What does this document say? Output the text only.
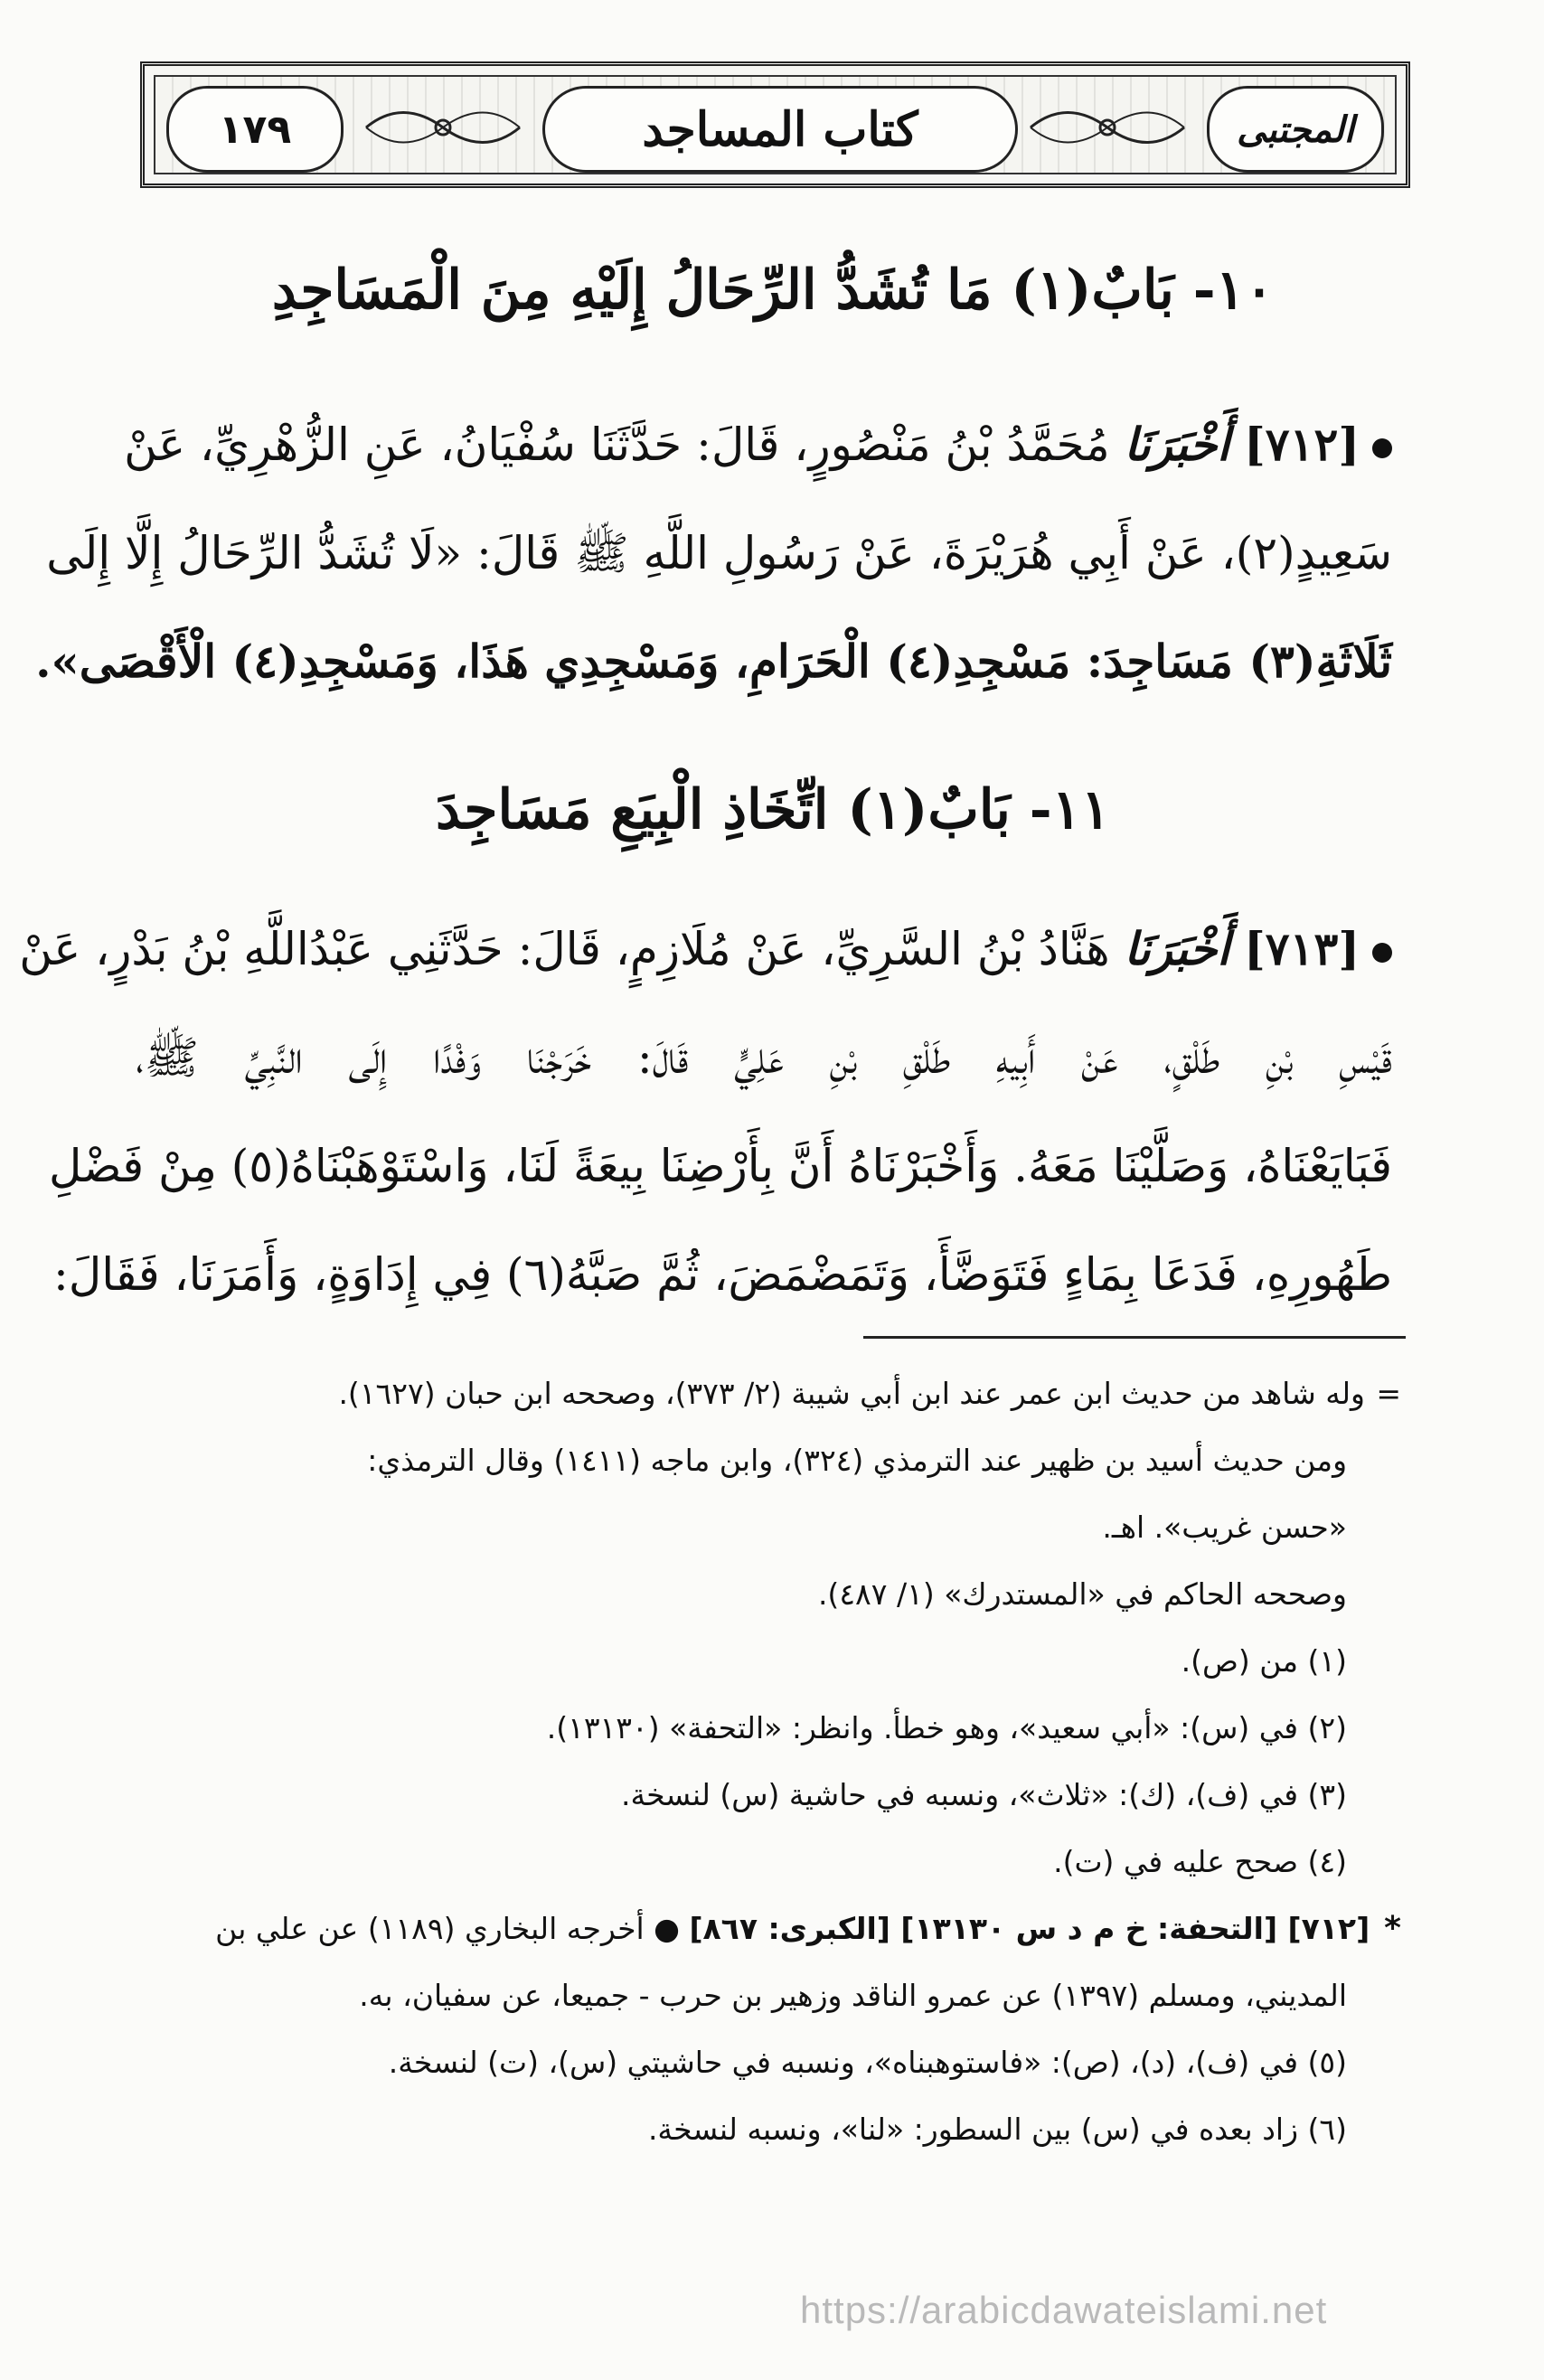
١٧٩	كتاب المساجد	المجتبى
١٠- بَابٌ(١) مَا تُشَدُّ الرِّحَالُ إِلَيْهِ مِنَ الْمَسَاجِدِ
[٧١٢] أَخْبَرَنَا مُحَمَّدُ بْنُ مَنْصُورٍ، قَالَ: حَدَّثَنَا سُفْيَانُ، عَنِ الزُّهْرِيِّ، عَنْ
سَعِيدٍ(٢)، عَنْ أَبِي هُرَيْرَةَ، عَنْ رَسُولِ اللَّهِ ﷺ قَالَ: «لَا تُشَدُّ الرِّحَالُ إِلَّا إِلَى
ثَلَاثَةِ(٣) مَسَاجِدَ: مَسْجِدِ(٤) الْحَرَامِ، وَمَسْجِدِي هَذَا، وَمَسْجِدِ(٤) الْأَقْصَى».
١١- بَابٌ(١) اتِّخَاذِ الْبِيَعِ مَسَاجِدَ
[٧١٣] أَخْبَرَنَا هَنَّادُ بْنُ السَّرِيِّ، عَنْ مُلَازِمٍ، قَالَ: حَدَّثَنِي عَبْدُاللَّهِ بْنُ بَدْرٍ، عَنْ
قَيْسِ بْنِ طَلْقٍ، عَنْ أَبِيهِ طَلْقِ بْنِ عَلِيٍّ قَالَ: خَرَجْنَا وَفْدًا إِلَى النَّبِيِّ ﷺ،
فَبَايَعْنَاهُ، وَصَلَّيْنَا مَعَهُ. وَأَخْبَرْنَاهُ أَنَّ بِأَرْضِنَا بِيعَةً لَنَا، وَاسْتَوْهَبْنَاهُ(٥) مِنْ فَضْلِ
طَهُورِهِ، فَدَعَا بِمَاءٍ فَتَوَضَّأَ، وَتَمَضْمَضَ، ثُمَّ صَبَّهُ(٦) فِي إِدَاوَةٍ، وَأَمَرَنَا، فَقَالَ:
=وله شاهد من حديث ابن عمر عند ابن أبي شيبة (٢/ ٣٧٣)، وصححه ابن حبان (١٦٢٧).
ومن حديث أسيد بن ظهير عند الترمذي (٣٢٤)، وابن ماجه (١٤١١) وقال الترمذي:
«حسن غريب». اهـ.
وصححه الحاكم في «المستدرك» (١/ ٤٨٧).
(١) من (ص).
(٢) في (س): «أبي سعيد»، وهو خطأ. وانظر: «التحفة» (١٣١٣٠).
(٣) في (ف)، (ك): «ثلاث»، ونسبه في حاشية (س) لنسخة.
(٤) صحح عليه في (ت).
*[٧١٢] [التحفة: خ م د س ١٣١٣٠] [الكبرى: ٨٦٧] ● أخرجه البخاري (١١٨٩) عن علي بن
المديني، ومسلم (١٣٩٧) عن عمرو الناقد وزهير بن حرب - جميعا، عن سفيان، به.
(٥) في (ف)، (د)، (ص): «فاستوهبناه»، ونسبه في حاشيتي (س)، (ت) لنسخة.
(٦) زاد بعده في (س) بين السطور: «لنا»، ونسبه لنسخة.
https://arabicdawateislami.net
